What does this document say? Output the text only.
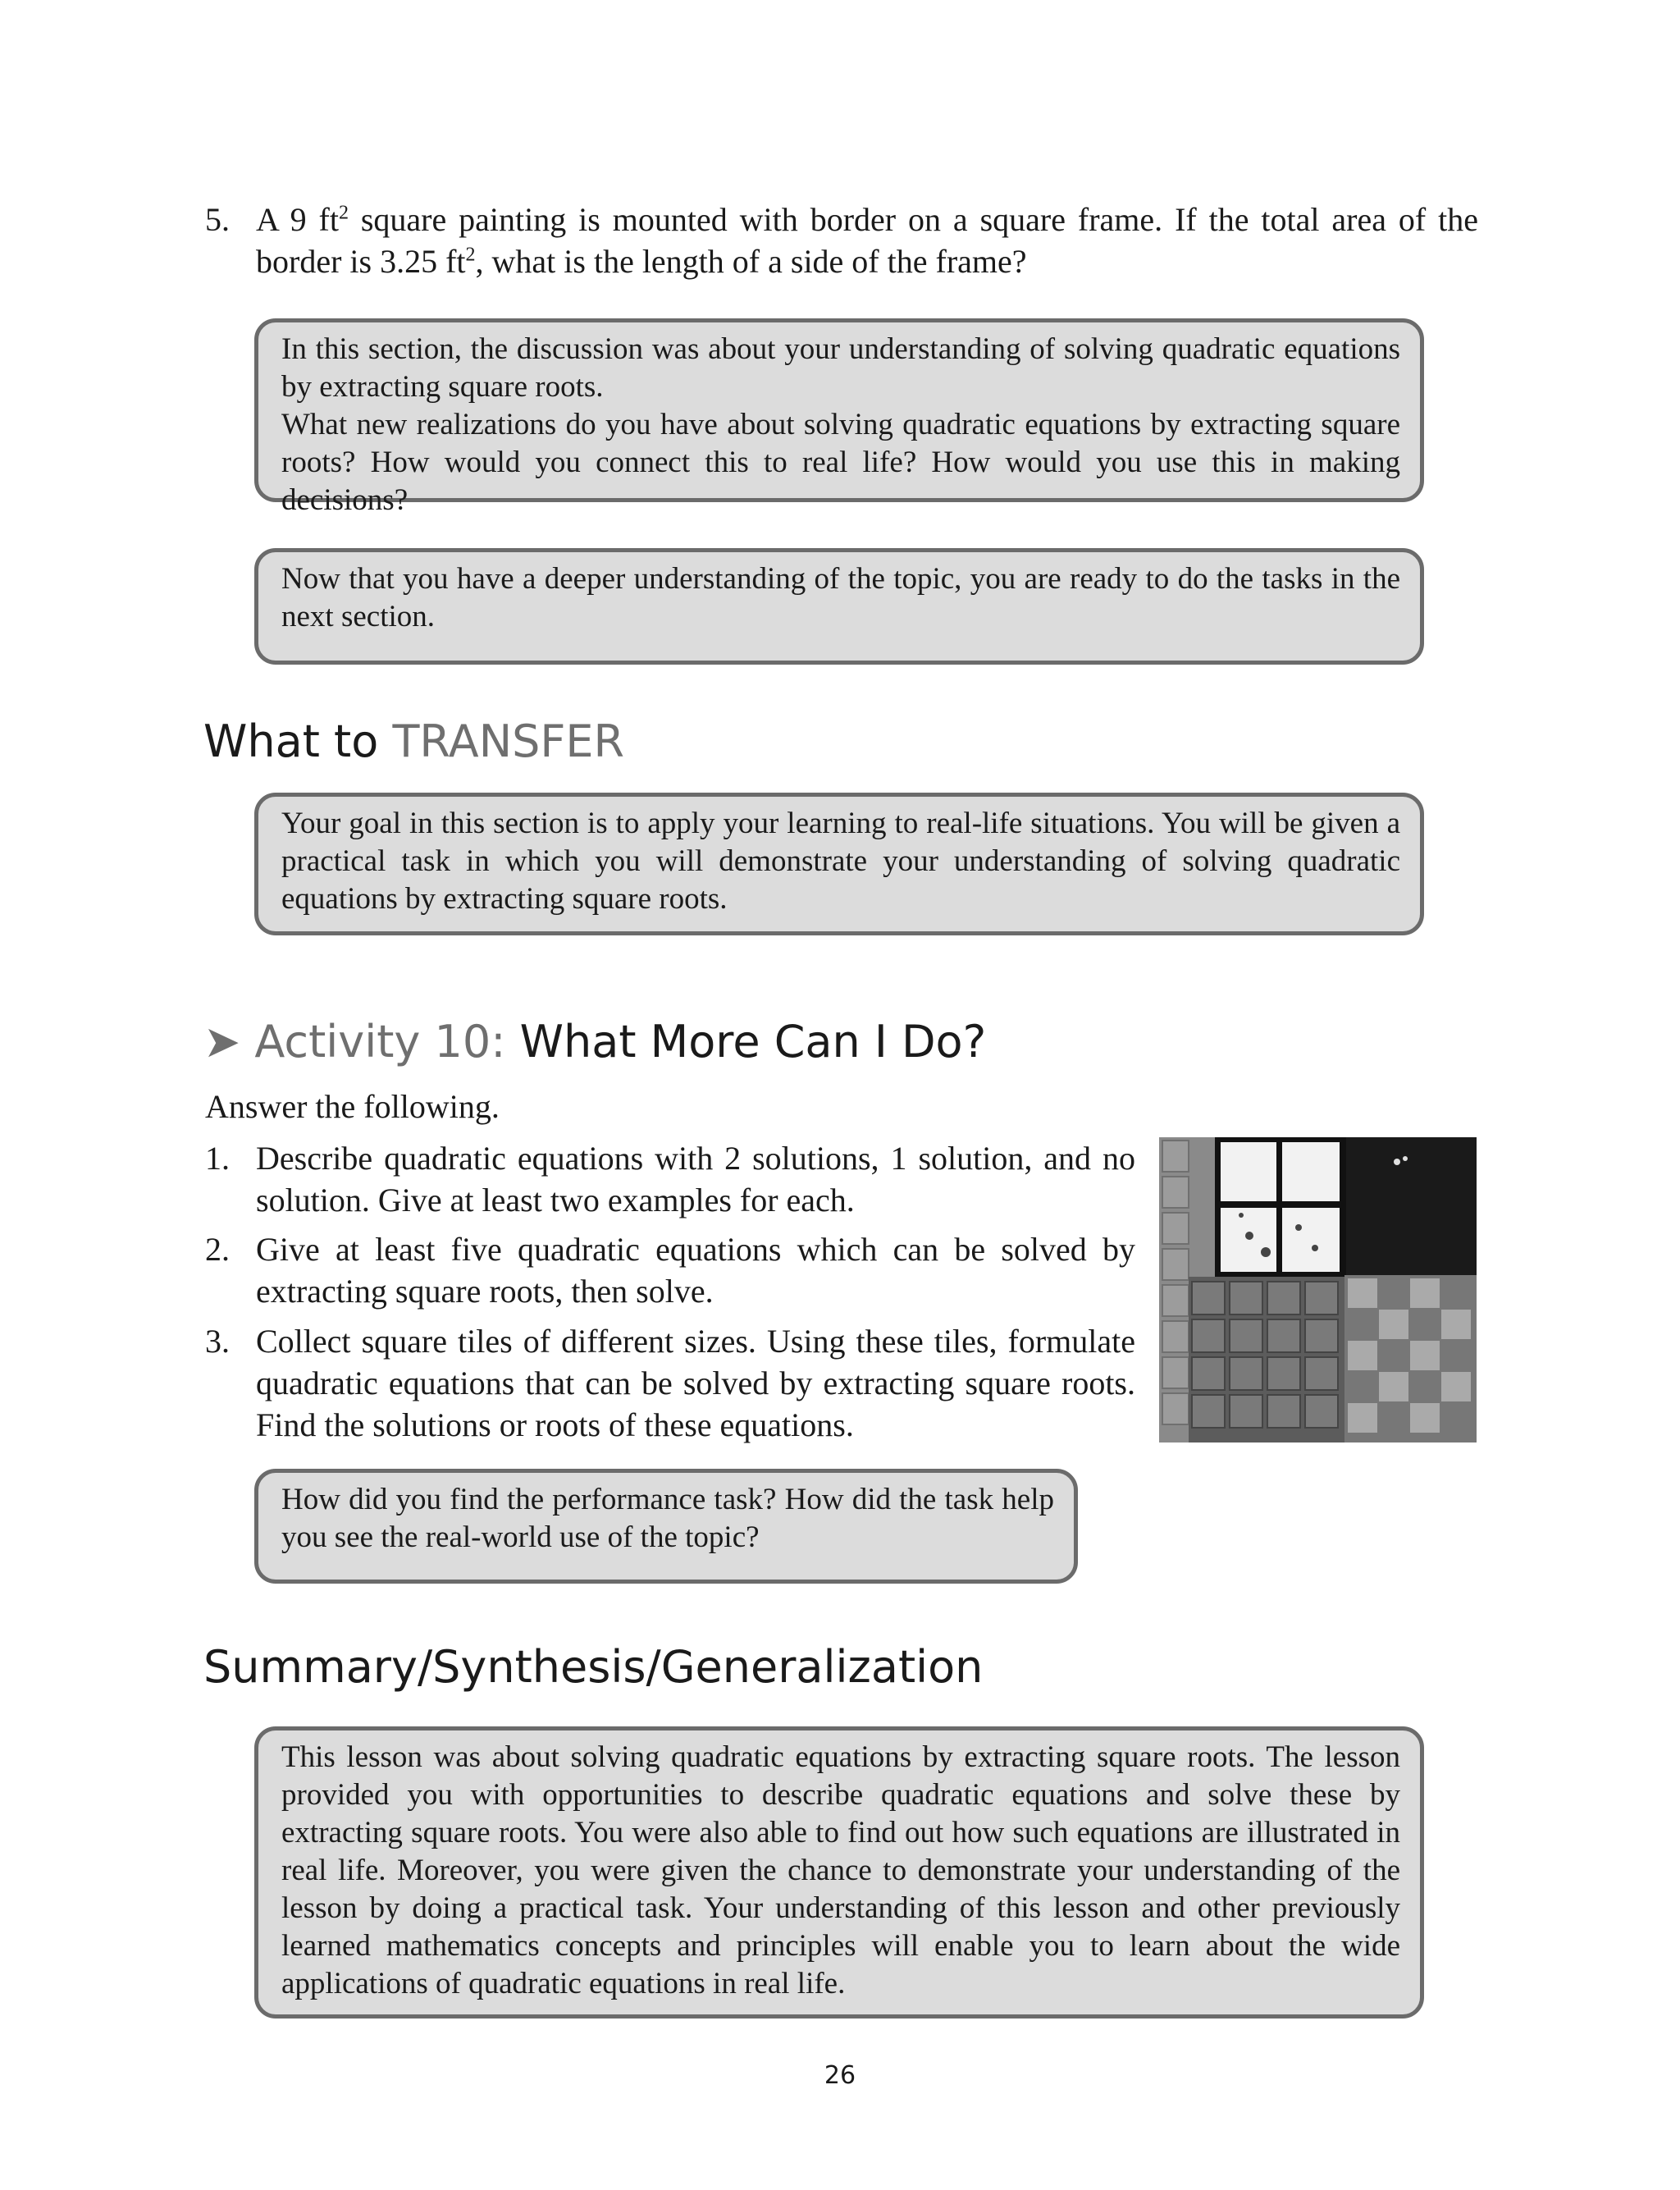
5. A 9 $ft^2$ square painting is mounted with border on a square frame. If the total area of the border is 3.25 $ft^2$, what is the length of a side of the frame?

In this section, the discussion was about your understanding of solving quadratic equations by extracting square roots.

What new realizations do you have about solving quadratic equations by extracting square roots? How would you connect this to real life? How would you use this in making decisions?

Now that you have a deeper understanding of the topic, you are ready to do the tasks in the next section.

What to TRANSFER

Your goal in this section is to apply your learning to real-life situations. You will be given a practical task in which you will demonstrate your understanding of solving quadratic equations by extracting square roots.

➤ Activity 10: What More Can I Do?
Answer the following.
1. Describe quadratic equations with 2 solutions, 1 solution, and no solution. Give at least two examples for each.
2. Give at least five quadratic equations which can be solved by extracting square roots, then solve.
3. Collect square tiles of different sizes. Using these tiles, formulate quadratic equations that can be solved by extracting square roots. Find the solutions or roots of these equations.

How did you find the performance task? How did the task help you see the real-world use of the topic?

Summary/Synthesis/Generalization

This lesson was about solving quadratic equations by extracting square roots. The lesson provided you with opportunities to describe quadratic equations and solve these by extracting square roots. You were also able to find out how such equations are illustrated in real life. Moreover, you were given the chance to demonstrate your understanding of the lesson by doing a practical task. Your understanding of this lesson and other previously learned mathematics concepts and principles will enable you to learn about the wide applications of quadratic equations in real life.

26
